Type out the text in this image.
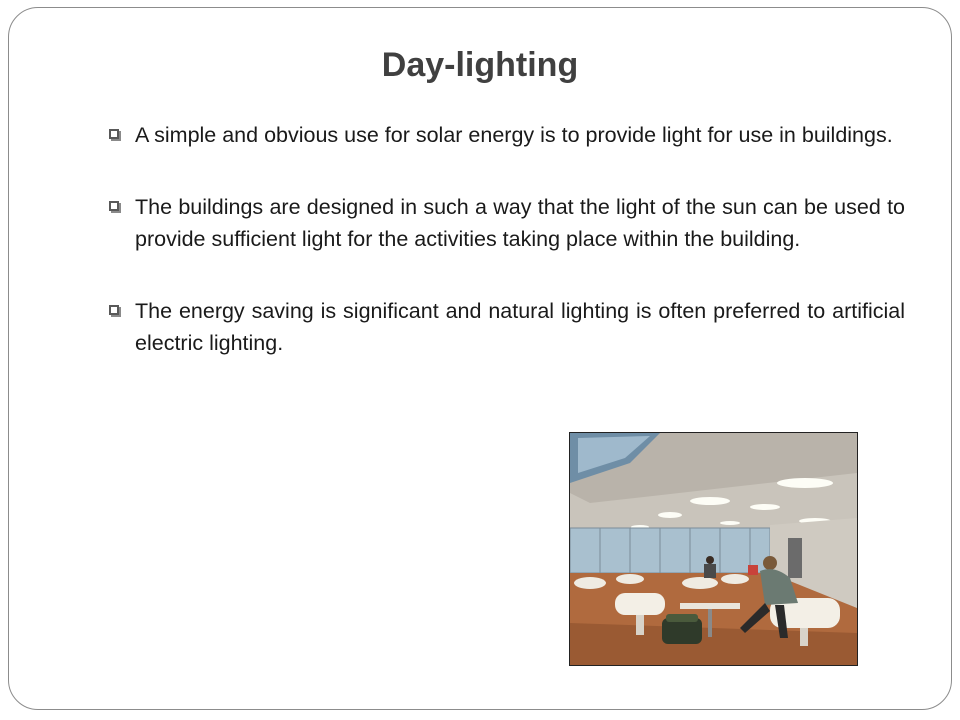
Day-lighting
A simple and obvious use for solar energy is to provide light for use in buildings.
The buildings are designed in such a way that the light of the sun can be used to provide sufficient light for the activities taking place within the building.
The energy saving is significant and natural lighting is often preferred to artificial electric lighting.
